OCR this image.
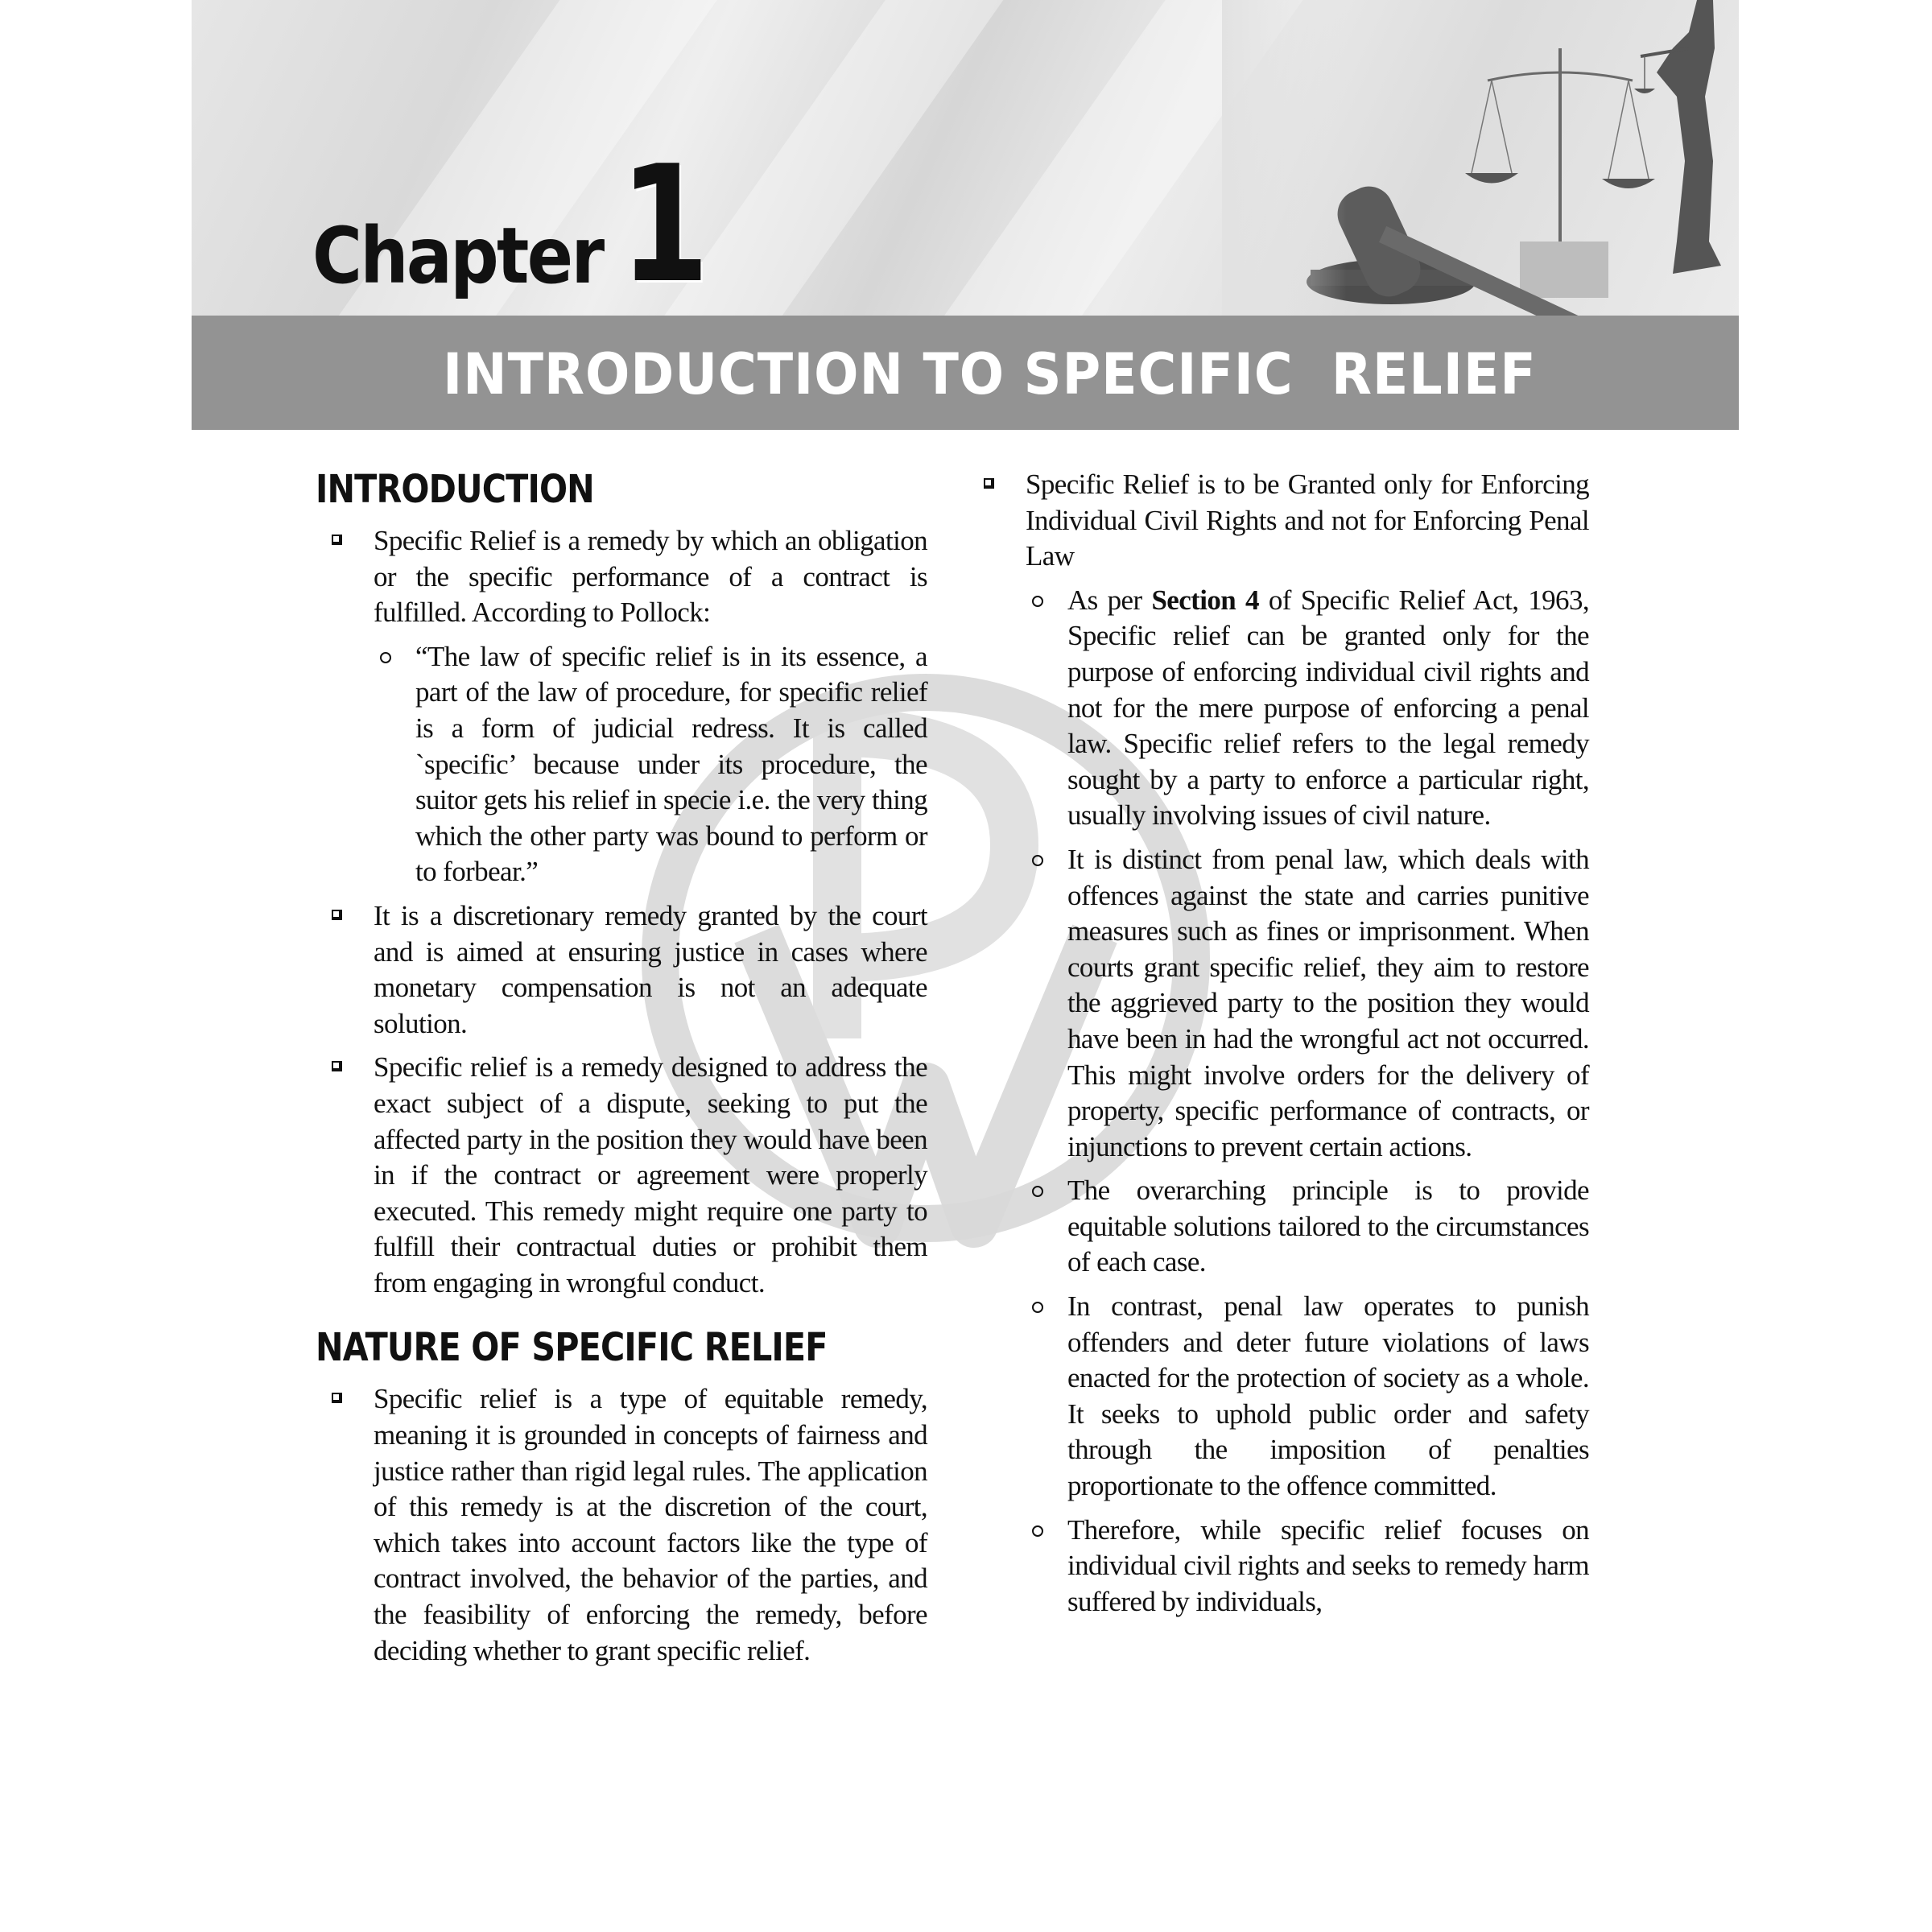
Chapter 1
INTRODUCTION TO SPECIFIC  RELIEF
INTRODUCTION
Specific Relief is a remedy by which an obligation or the specific performance of a contract is fulfilled. According to Pollock:
“The law of specific relief is in its essence, a part of the law of procedure, for specific relief is a form of judicial redress. It is called `specific’ because under its procedure, the suitor gets his relief in specie i.e. the very thing which the other party was bound to perform or to forbear.”
It is a discretionary remedy granted by the court and is aimed at ensuring justice in cases where monetary compensation is not an adequate solution.
Specific relief is a remedy designed to address the exact subject of a dispute, seeking to put the affected party in the position they would have been in if the contract or agreement were properly executed. This remedy might require one party to fulfill their contractual duties or prohibit them from engaging in wrongful conduct.
NATURE OF SPECIFIC RELIEF
Specific relief is a type of equitable remedy, meaning it is grounded in concepts of fairness and justice rather than rigid legal rules. The application of this remedy is at the discretion of the court, which takes into account factors like the type of contract involved, the behavior of the parties, and the feasibility of enforcing the remedy, before deciding whether to grant specific relief.
Specific Relief is to be Granted only for Enforcing Individual Civil Rights and not for Enforcing Penal Law
As per Section 4 of Specific Relief Act, 1963, Specific relief can be granted only for the purpose of enforcing individual civil rights and not for the mere purpose of enforcing a penal law. Specific relief refers to the legal remedy sought by a party to enforce a particular right, usually involving issues of civil nature.
It is distinct from penal law, which deals with offences against the state and carries punitive measures such as fines or imprisonment. When courts grant specific relief, they aim to restore the aggrieved party to the position they would have been in had the wrongful act not occurred. This might involve orders for the delivery of property, specific performance of contracts, or injunctions to prevent certain actions.
The overarching principle is to provide equitable solutions tailored to the circumstances of each case.
In contrast, penal law operates to punish offenders and deter future violations of laws enacted for the protection of society as a whole. It seeks to uphold public order and safety through the imposition of penalties proportionate to the offence committed.
Therefore, while specific relief focuses on individual civil rights and seeks to remedy harm suffered by individuals,
